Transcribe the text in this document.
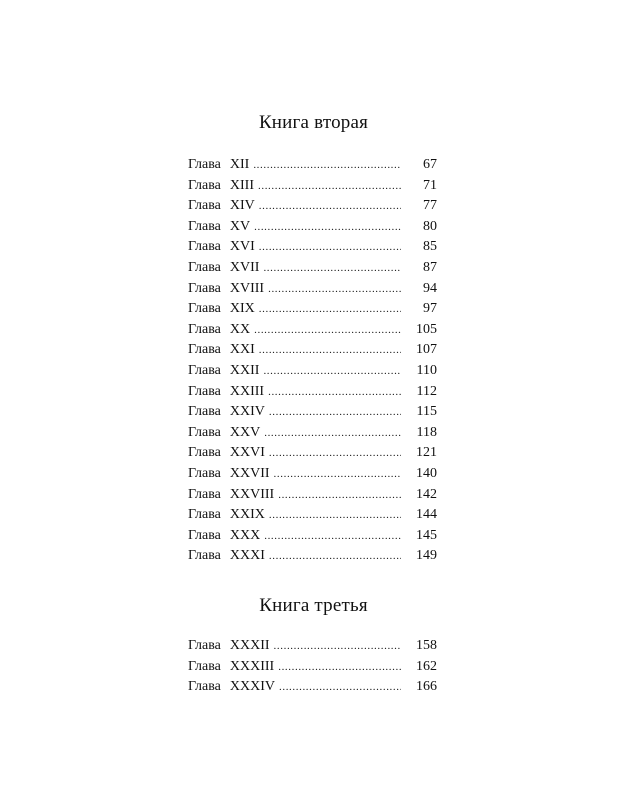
Книга вторая
Глава XII .....	67
Глава XIII .....	71
Глава XIV .....	77
Глава XV .....	80
Глава XVI .....	85
Глава XVII .....	87
Глава XVIII .....	94
Глава XIX .....	97
Глава XX .....	105
Глава XXI .....	107
Глава XXII .....	110
Глава XXIII .....	112
Глава XXIV .....	115
Глава XXV .....	118
Глава XXVI .....	121
Глава XXVII .....	140
Глава XXVIII .....	142
Глава XXIX .....	144
Глава XXX .....	145
Глава XXXI .....	149
Книга третья
Глава XXXII .....	158
Глава XXXIII .....	162
Глава XXXIV .....	166
